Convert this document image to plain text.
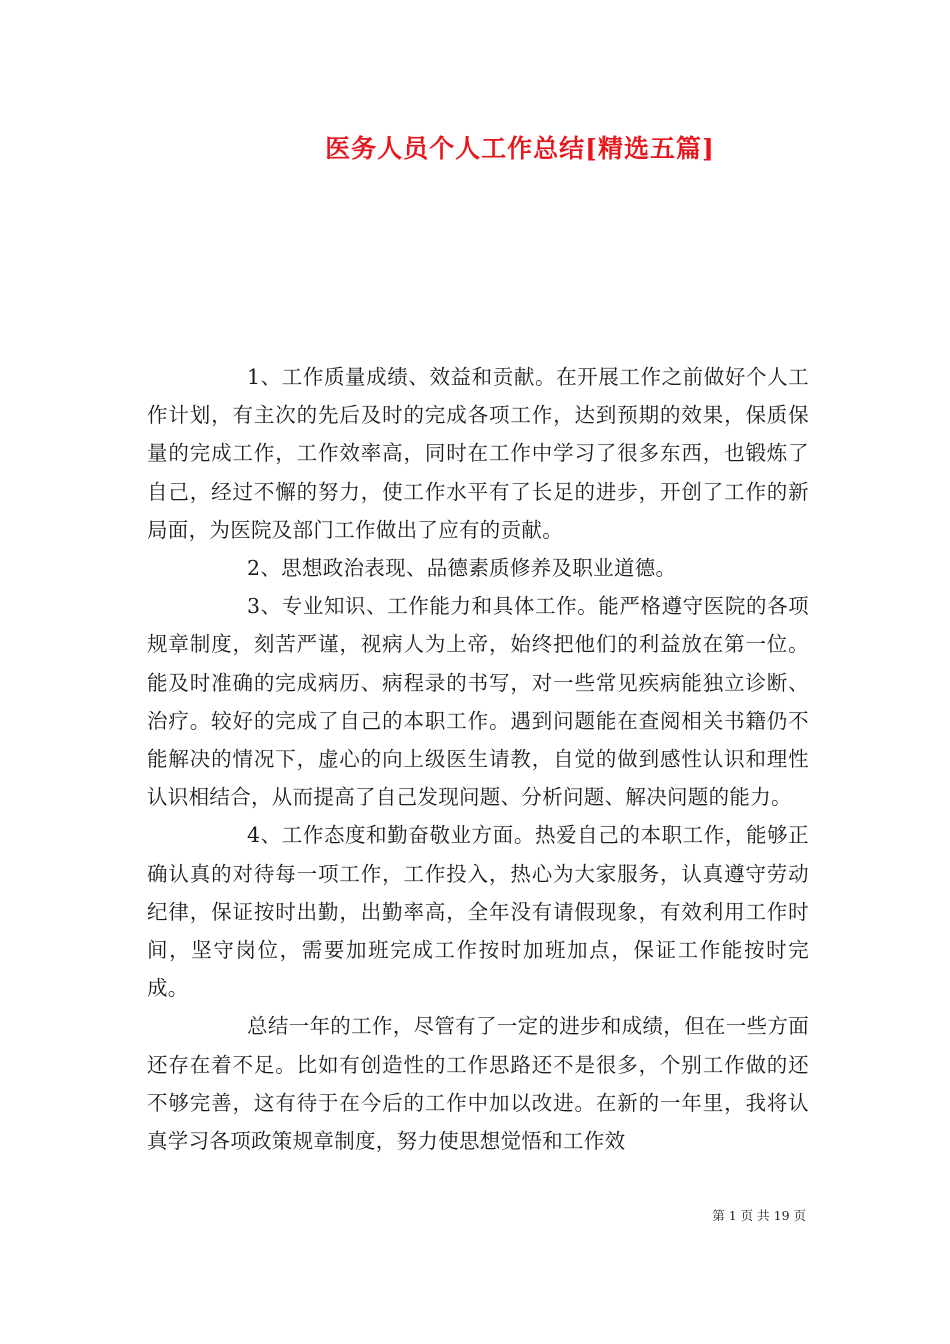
医务人员个人工作总结[精选五篇]

1、工作质量成绩、效益和贡献。在开展工作之前做好个人工作计划，有主次的先后及时的完成各项工作，达到预期的效果，保质保量的完成工作，工作效率高，同时在工作中学习了很多东西，也锻炼了自己，经过不懈的努力，使工作水平有了长足的进步，开创了工作的新局面，为医院及部门工作做出了应有的贡献。

2、思想政治表现、品德素质修养及职业道德。

3、专业知识、工作能力和具体工作。能严格遵守医院的各项规章制度，刻苦严谨，视病人为上帝，始终把他们的利益放在第一位。能及时准确的完成病历、病程录的书写，对一些常见疾病能独立诊断、治疗。较好的完成了自己的本职工作。遇到问题能在查阅相关书籍仍不能解决的情况下，虚心的向上级医生请教，自觉的做到感性认识和理性认识相结合，从而提高了自己发现问题、分析问题、解决问题的能力。

4、工作态度和勤奋敬业方面。热爱自己的本职工作，能够正确认真的对待每一项工作，工作投入，热心为大家服务，认真遵守劳动纪律，保证按时出勤，出勤率高，全年没有请假现象，有效利用工作时间，坚守岗位，需要加班完成工作按时加班加点，保证工作能按时完成。

总结一年的工作，尽管有了一定的进步和成绩，但在一些方面还存在着不足。比如有创造性的工作思路还不是很多，个别工作做的还不够完善，这有待于在今后的工作中加以改进。在新的一年里，我将认真学习各项政策规章制度，努力使思想觉悟和工作效

第 1 页 共 19 页
